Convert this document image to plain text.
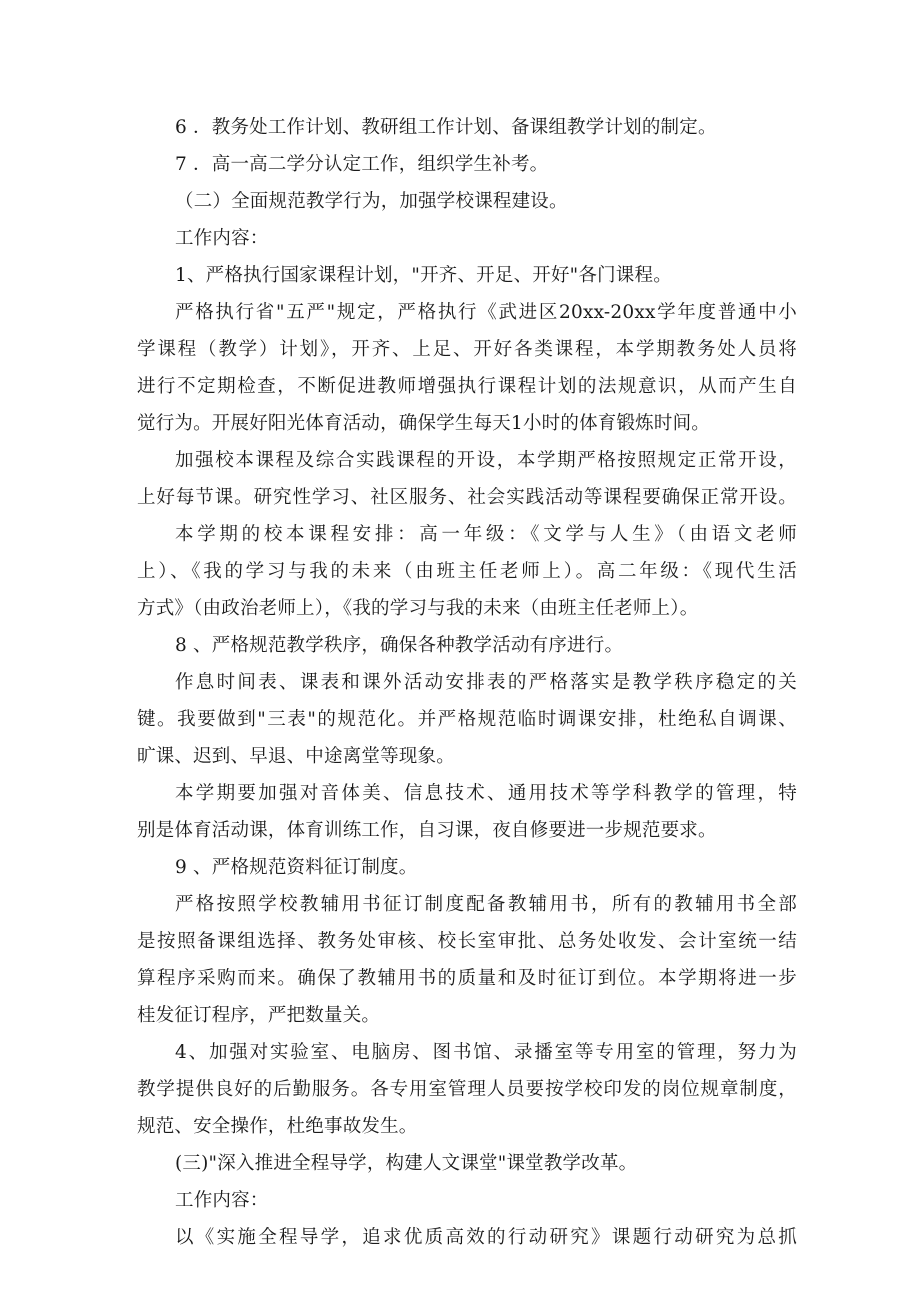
6 ．教务处工作计划、教研组工作计划、备课组教学计划的制定。
7 ．高一高二学分认定工作，组织学生补考。
（二）全面规范教学行为，加强学校课程建设。
工作内容：
1、严格执行国家课程计划，"开齐、开足、开好"各门课程。
严格执行省"五严"规定，严格执行《武进区20xx-20xx学年度普通中小
学课程（教学）计划》，开齐、上足、开好各类课程，本学期教务处人员将
进行不定期检查，不断促进教师增强执行课程计划的法规意识，从而产生自
觉行为。开展好阳光体育活动，确保学生每天1小时的体育锻炼时间。
加强校本课程及综合实践课程的开设，本学期严格按照规定正常开设，
上好每节课。研究性学习、社区服务、社会实践活动等课程要确保正常开设。
本学期的校本课程安排：高一年级：《文学与人生》（由语文老师
上）、《我的学习与我的未来（由班主任老师上）。高二年级：《现代生活
方式》（由政治老师上），《我的学习与我的未来（由班主任老师上）。
8 、严格规范教学秩序，确保各种教学活动有序进行。
作息时间表、课表和课外活动安排表的严格落实是教学秩序稳定的关
键。我要做到"三表"的规范化。并严格规范临时调课安排，杜绝私自调课、
旷课、迟到、早退、中途离堂等现象。
本学期要加强对音体美、信息技术、通用技术等学科教学的管理，特
别是体育活动课，体育训练工作，自习课，夜自修要进一步规范要求。
9 、严格规范资料征订制度。
严格按照学校教辅用书征订制度配备教辅用书，所有的教辅用书全部
是按照备课组选择、教务处审核、校长室审批、总务处收发、会计室统一结
算程序采购而来。确保了教辅用书的质量和及时征订到位。本学期将进一步
桂发征订程序，严把数量关。
4、加强对实验室、电脑房、图书馆、录播室等专用室的管理，努力为
教学提供良好的后勤服务。各专用室管理人员要按学校印发的岗位规章制度，
规范、安全操作，杜绝事故发生。
(三)"深入推进全程导学，构建人文课堂"课堂教学改革。
工作内容：
以《实施全程导学，追求优质高效的行动研究》课题行动研究为总抓
